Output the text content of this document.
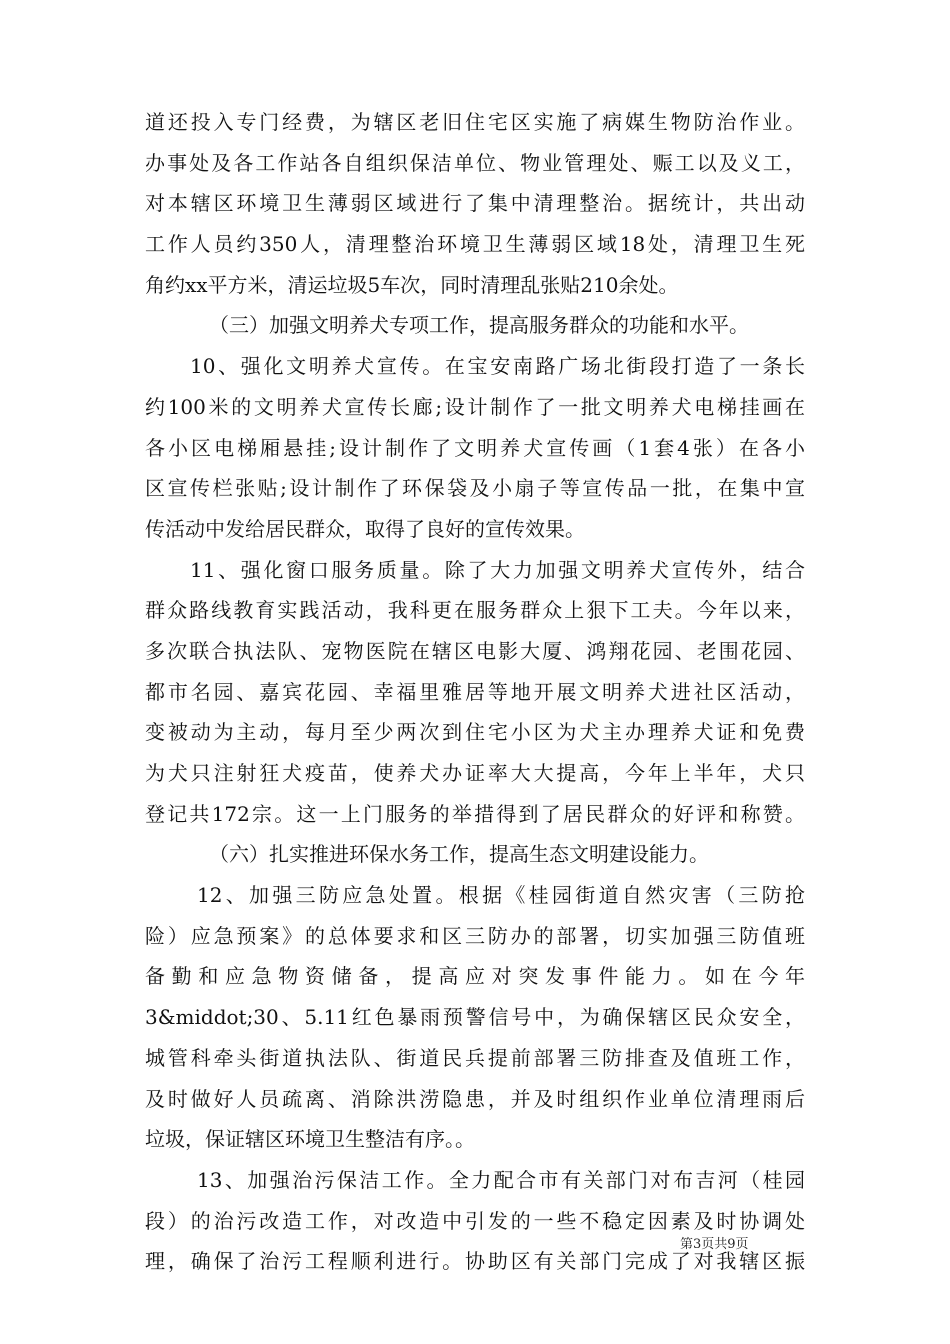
道还投入专门经费，为辖区老旧住宅区实施了病媒生物防治作业。
办事处及各工作站各自组织保洁单位、物业管理处、赈工以及义工，
对本辖区环境卫生薄弱区域进行了集中清理整治。据统计，共出动
工作人员约350人，清理整治环境卫生薄弱区域18处，清理卫生死
角约xx平方米，清运垃圾5车次，同时清理乱张贴210余处。
（三）加强文明养犬专项工作，提高服务群众的功能和水平。
10、强化文明养犬宣传。在宝安南路广场北街段打造了一条长
约100米的文明养犬宣传长廊;设计制作了一批文明养犬电梯挂画在
各小区电梯厢悬挂;设计制作了文明养犬宣传画（1套4张）在各小
区宣传栏张贴;设计制作了环保袋及小扇子等宣传品一批，在集中宣
传活动中发给居民群众，取得了良好的宣传效果。
11、强化窗口服务质量。除了大力加强文明养犬宣传外，结合
群众路线教育实践活动，我科更在服务群众上狠下工夫。今年以来，
多次联合执法队、宠物医院在辖区电影大厦、鸿翔花园、老围花园、
都市名园、嘉宾花园、幸福里雅居等地开展文明养犬进社区活动，
变被动为主动，每月至少两次到住宅小区为犬主办理养犬证和免费
为犬只注射狂犬疫苗，使养犬办证率大大提高，今年上半年，犬只
登记共172宗。这一上门服务的举措得到了居民群众的好评和称赞。
（六）扎实推进环保水务工作，提高生态文明建设能力。
12、加强三防应急处置。根据《桂园街道自然灾害（三防抢
险）应急预案》的总体要求和区三防办的部署，切实加强三防值班
备勤和应急物资储备，提高应对突发事件能力。如在今年
3&middot;30、5.11红色暴雨预警信号中，为确保辖区民众安全，
城管科牵头街道执法队、街道民兵提前部署三防排查及值班工作，
及时做好人员疏离、消除洪涝隐患，并及时组织作业单位清理雨后
垃圾，保证辖区环境卫生整洁有序。。
13、加强治污保洁工作。全力配合市有关部门对布吉河（桂园
段）的治污改造工作，对改造中引发的一些不稳定因素及时协调处
理，确保了治污工程顺利进行。协助区有关部门完成了对我辖区振
第3页共9页
